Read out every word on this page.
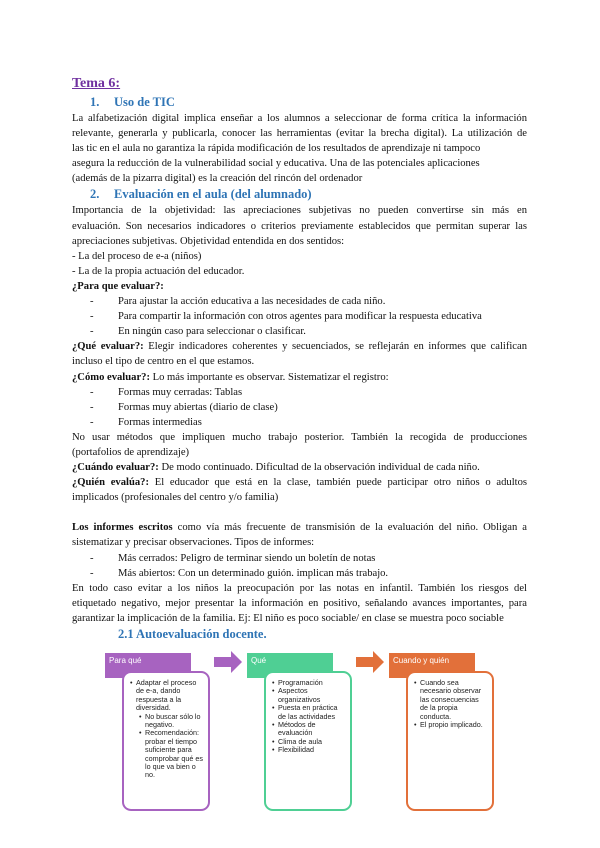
Tema 6:
1. Uso de TIC
La alfabetización digital implica enseñar a los alumnos a seleccionar de forma crítica la información
relevante, generarla y publicarla, conocer las herramientas (evitar la brecha digital). La utilización de
las tic en el aula no garantiza la rápida modificación de los resultados de aprendizaje ni tampoco
asegura la reducción de la vulnerabilidad social y educativa. Una de las potenciales aplicaciones
(además de la pizarra digital) es la creación del rincón del ordenador
2. Evaluación en el aula (del alumnado)
Importancia de la objetividad: las apreciaciones subjetivas no pueden convertirse sin más en
evaluación. Son necesarios indicadores o criterios previamente establecidos que permitan superar las
apreciaciones subjetivas. Objetividad entendida en dos sentidos:
- La del proceso de e-a (niños)
- La de la propia actuación del educador.
¿Para que evaluar?:
- Para ajustar la acción educativa a las necesidades de cada niño.
- Para compartir la información con otros agentes para modificar la respuesta educativa
- En ningún caso para seleccionar o clasificar.
¿Qué evaluar?: Elegir indicadores coherentes y secuenciados, se reflejarán en informes que califican
incluso el tipo de centro en el que estamos.
¿Cómo evaluar?: Lo más importante es observar. Sistematizar el registro:
- Formas muy cerradas: Tablas
- Formas muy abiertas (diario de clase)
- Formas intermedias
No usar métodos que impliquen mucho trabajo posterior. También la recogida de producciones
(portafolios de aprendizaje)
¿Cuándo evaluar?: De modo continuado. Dificultad de la observación individual de cada niño.
¿Quién evalúa?: El educador que está en la clase, también puede participar otro niños o adultos
implicados (profesionales del centro y/o familia)
Los informes escritos como vía más frecuente de transmisión de la evaluación del niño. Obligan a
sistematizar y precisar observaciones. Tipos de informes:
- Más cerrados: Peligro de terminar siendo un boletín de notas
- Más abiertos: Con un determinado guión. implican más trabajo.
En todo caso evitar a los niños la preocupación por las notas en infantil. También los riesgos del
etiquetado negativo, mejor presentar la información en positivo, señalando avances importantes, para
garantizar la implicación de la familia. Ej: El niño es poco sociable/ en clase se muestra poco sociable
2.1 Autoevaluación docente.
Para qué
• Adaptar el proceso de e-a, dando respuesta a la diversidad.
• No buscar sólo lo negativo.
• Recomendación: probar el tiempo suficiente para comprobar qué es lo que va bien o no.
Qué
• Programación
• Aspectos organizativos
• Puesta en práctica de las actividades
• Métodos de evaluación
• Clima de aula
• Flexibilidad
Cuando y quién
• Cuando sea necesario observar las consecuencias de la propia conducta.
• El propio implicado.
